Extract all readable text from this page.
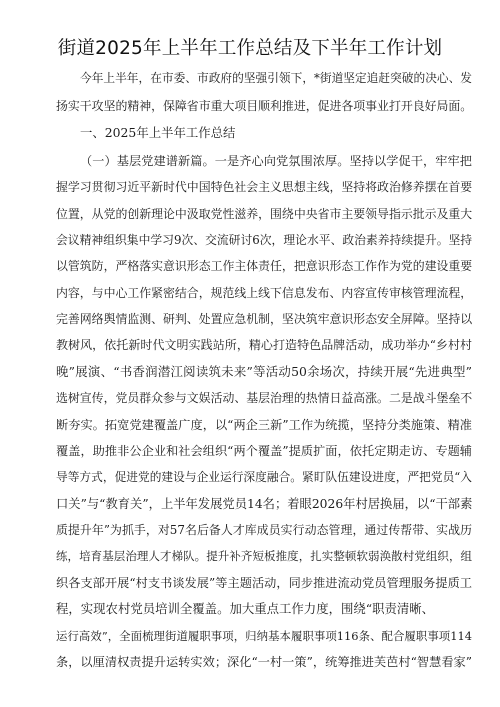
街道2025年上半年工作总结及下半年工作计划
今年上半年，在市委、市政府的坚强引领下，*街道坚定追赶突破的决心、发
扬实干攻坚的精神，保障省市重大项目顺利推进，促进各项事业打开良好局面。
一、2025年上半年工作总结
（一）基层党建谱新篇。一是齐心向党氛围浓厚。坚持以学促干，牢牢把
握学习贯彻习近平新时代中国特色社会主义思想主线，坚持将政治修养摆在首要
位置，从党的创新理论中汲取党性滋养，围绕中央省市主要领导指示批示及重大
会议精神组织集中学习9次、交流研讨6次，理论水平、政治素养持续提升。坚持
以管筑防，严格落实意识形态工作主体责任，把意识形态工作作为党的建设重要
内容，与中心工作紧密结合，规范线上线下信息发布、内容宣传审核管理流程，
完善网络舆情监测、研判、处置应急机制，坚决筑牢意识形态安全屏障。坚持以
教树风，依托新时代文明实践站所，精心打造特色品牌活动，成功举办“乡村村
晚”展演、“书香润潜江阅读筑未来”等活动50余场次，持续开展“先进典型”
选树宣传，党员群众参与文娱活动、基层治理的热情日益高涨。二是战斗堡垒不
断夯实。拓宽党建覆盖广度，以“两企三新”工作为统揽，坚持分类施策、精准
覆盖，助推非公企业和社会组织“两个覆盖”提质扩面，依托定期走访、专题辅
导等方式，促进党的建设与企业运行深度融合。紧盯队伍建设进度，严把党员“入
口关”与“教育关”，上半年发展党员14名；着眼2026年村居换届，以“干部素
质提升年”为抓手，对57名后备人才库成员实行动态管理，通过传帮带、实战历
练，培育基层治理人才梯队。提升补齐短板推度，扎实整顿软弱涣散村党组织，组
织各支部开展“村支书谈发展”等主题活动，同步推进流动党员管理服务提质工
程，实现农村党员培训全覆盖。加大重点工作力度，围绕“职责清晰、
运行高效”，全面梳理街道履职事项，归纳基本履职事项116条、配合履职事项114
条，以厘清权责提升运转实效；深化“一村一策”，统筹推进芙芭村“智慧看家”
